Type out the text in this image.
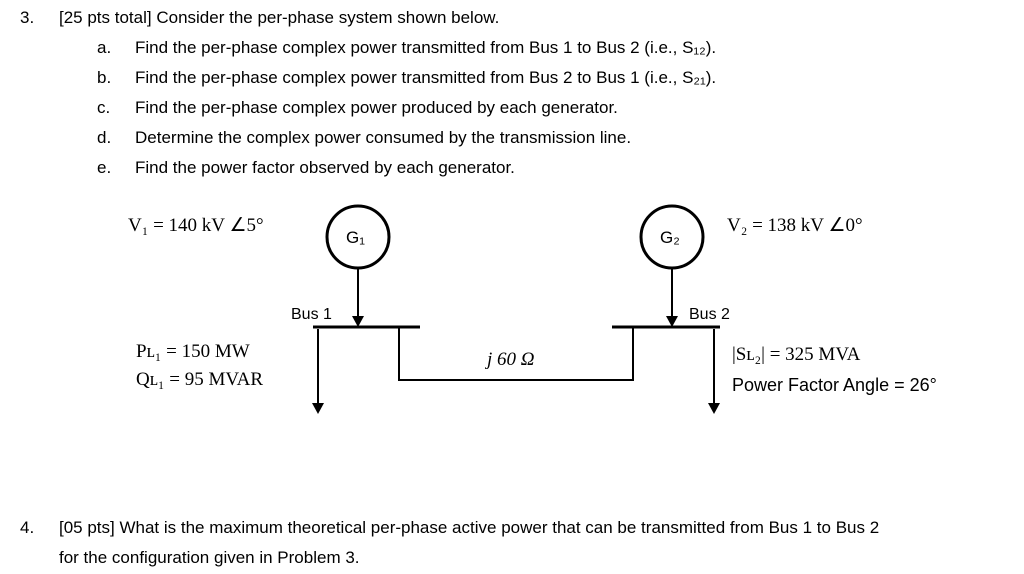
3. [25 pts total] Consider the per-phase system shown below.
a. Find the per-phase complex power transmitted from Bus 1 to Bus 2 (i.e., S₁₂).
b. Find the per-phase complex power transmitted from Bus 2 to Bus 1 (i.e., S₂₁).
c. Find the per-phase complex power produced by each generator.
d. Determine the complex power consumed by the transmission line.
e. Find the power factor observed by each generator.
V₁ = 140 kV ∠5°
G₁	G₂
V₂ = 138 kV ∠0°
Bus 1	Bus 2
j 60 Ω
Pʟ₁ = 150 MW
Qʟ₁ = 95 MVAR
|Sʟ₂| = 325 MVA
Power Factor Angle = 26°
4. [05 pts] What is the maximum theoretical per-phase active power that can be transmitted from Bus 1 to Bus 2
for the configuration given in Problem 3.
